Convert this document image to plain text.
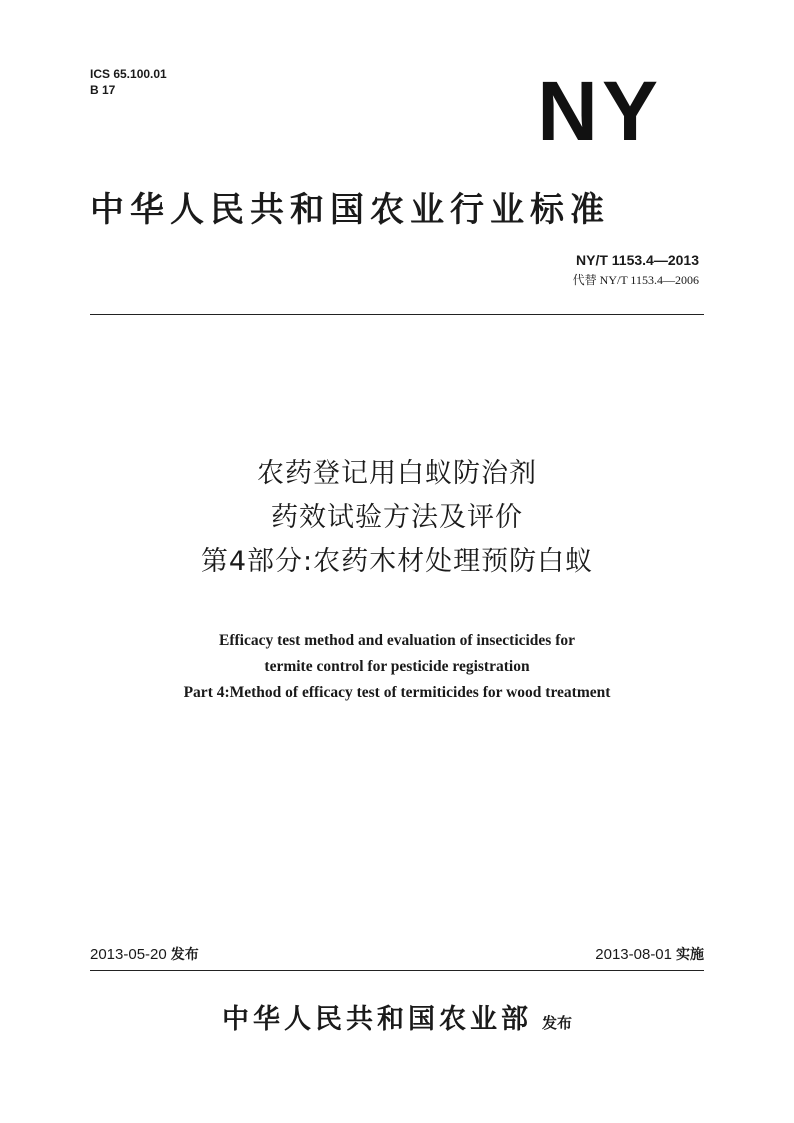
ICS 65.100.01
B 17	NY
中华人民共和国农业行业标准
NY/T 1153.4—2013
代替 NY/T 1153.4—2006
农药登记用白蚁防治剂
药效试验方法及评价
第4部分:农药木材处理预防白蚁
Efficacy test method and evaluation of insecticides for
termite control for pesticide registration
Part 4:Method of efficacy test of termiticides for wood treatment
2013-05-20 发布	2013-08-01 实施
中华人民共和国农业部 发布
